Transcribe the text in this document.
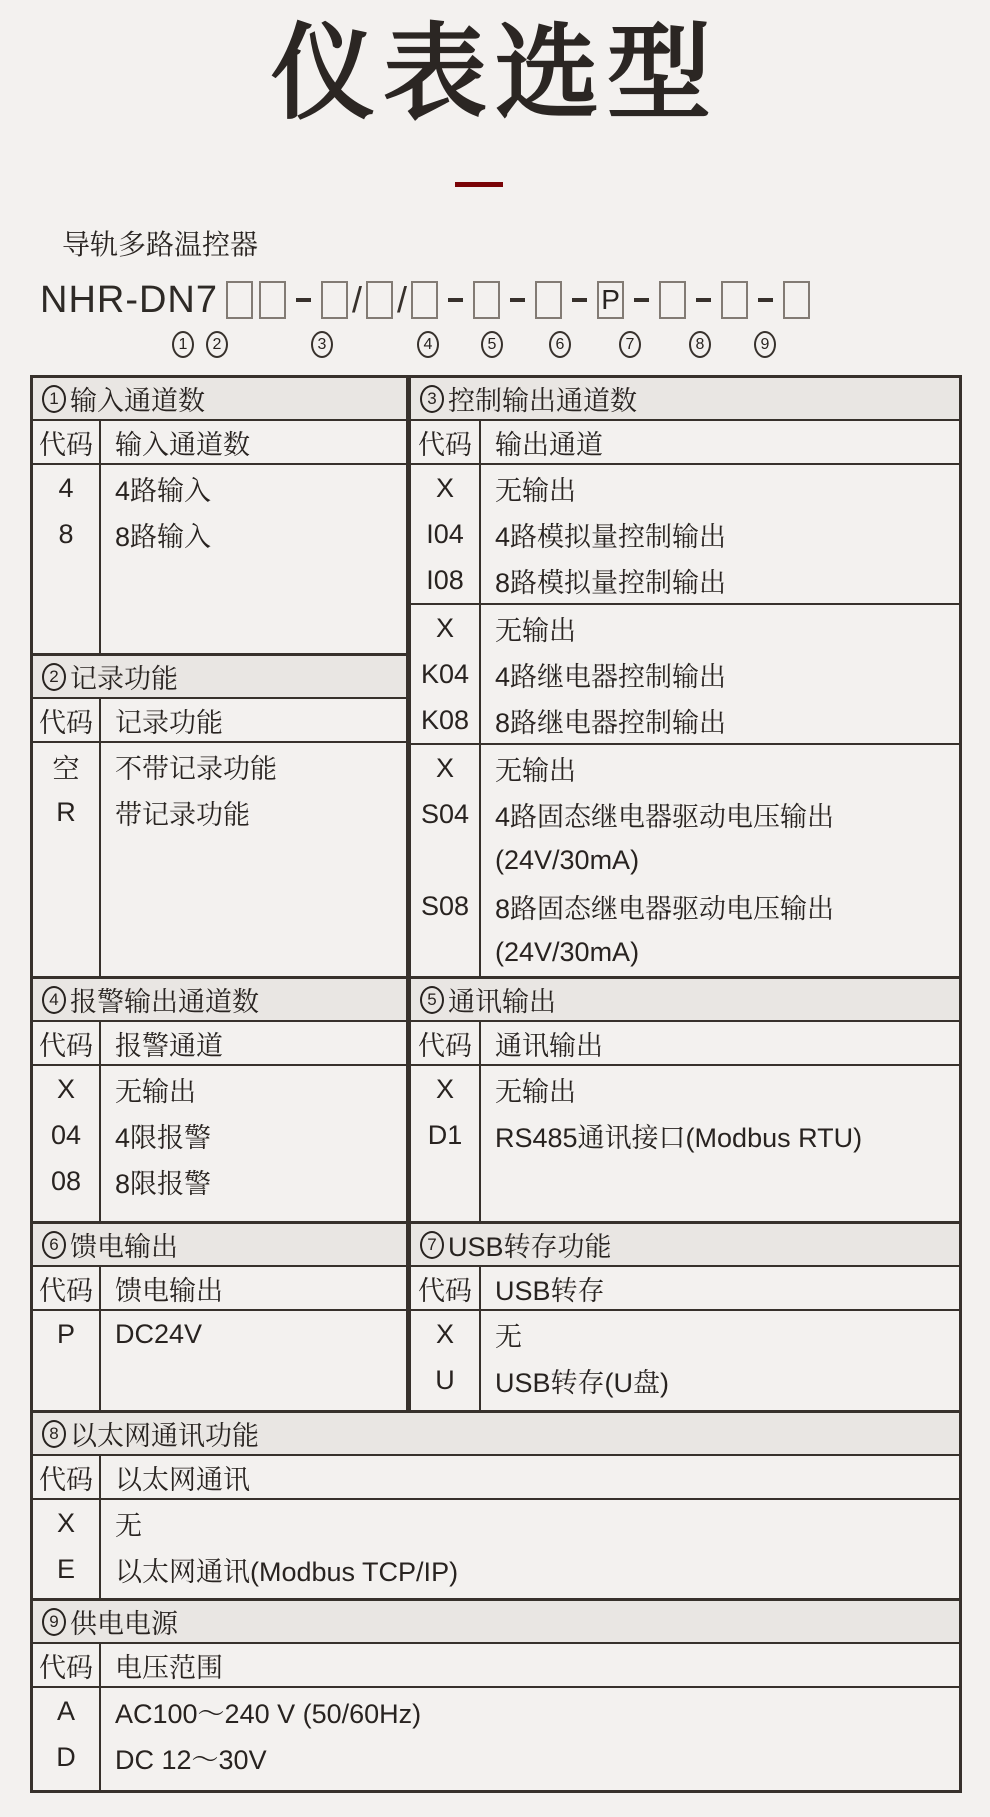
仪表选型
导轨多路温控器
NHR-DN7	/ /	P
1	2	3	4	5	6	7	8	9
1 输入通道数
代码 输入通道数
4	4路输入
8	8路输入
2 记录功能
代码 记录功能
空	不带记录功能
R	带记录功能
3 控制输出通道数
代码 输出通道
X	无输出
I04	4路模拟量控制输出
I08	8路模拟量控制输出
X	无输出
K04 4路继电器控制输出
K08 8路继电器控制输出
X	无输出
S04 4路固态继电器驱动电压输出
(24V/30mA)
S08 8路固态继电器驱动电压输出
(24V/30mA)
4 报警输出通道数
代码 报警通道
X	无输出
04	4限报警
08	8限报警
5 通讯输出
代码 通讯输出
X	无输出
D1	RS485通讯接口(Modbus RTU)
6 馈电输出
代码 馈电输出
P	DC24V
7 USB转存功能
代码 USB转存
X	无
U	USB转存(U盘)
8 以太网通讯功能
代码 以太网通讯
X	无
E	以太网通讯(Modbus TCP/IP)
9 供电电源
代码 电压范围
A	AC100～240 V (50/60Hz)
D	DC 12～30V
